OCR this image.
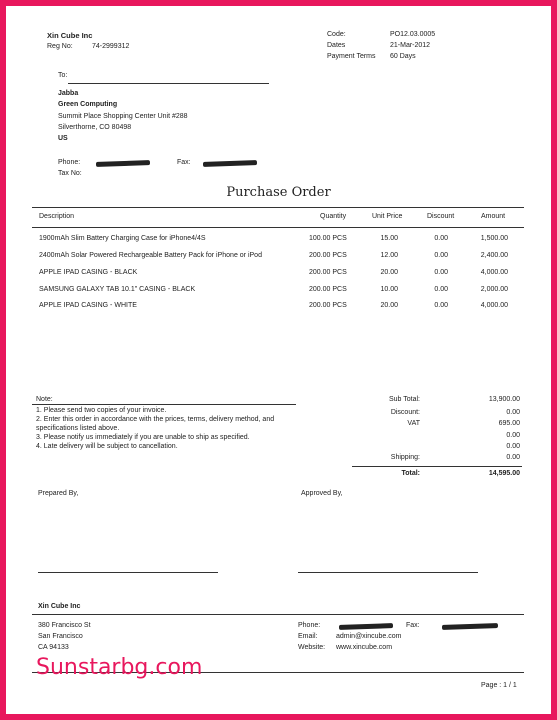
Xin Cube Inc
Reg No:	74-2999312
Code:	PO12.03.0005
Dates	21-Mar-2012
Payment Terms 60 Days
To:
Jabba
Green Computing
Summit Place Shopping Center Unit #288
Silverthorne, CO 80498
US
Phone:	Fax:
Tax No:
Purchase Order
Description	Quantity	Unit Price	Discount	Amount
1900mAh Slim Battery Charging Case for iPhone4/4S	100.00 PCS	15.00	0.00	1,500.00
2400mAh Solar Powered Rechargeable Battery Pack for iPhone or iPod	200.00 PCS	12.00	0.00	2,400.00
APPLE IPAD CASING - BLACK	200.00 PCS	20.00	0.00	4,000.00
SAMSUNG GALAXY TAB 10.1" CASING - BLACK	200.00 PCS	10.00	0.00	2,000.00
APPLE IPAD CASING - WHITE	200.00 PCS	20.00	0.00	4,000.00
Note:
1. Please send two copies of your invoice.
2. Enter this order in accordance with the prices, terms, delivery method, and
specifications listed above.
3. Please notify us immediately if you are unable to ship as specified.
4. Late delivery will be subject to cancellation.
Sub Total:	13,900.00
Discount:	0.00
VAT	695.00
0.00
0.00
Shipping:	0.00
Total:	14,595.00
Prepared By,	Approved By,
Xin Cube Inc
380 Francisco St
San Francisco
CA 94133
Phone:	Fax:
Email:	admin@xincube.com
Website: www.xincube.com
Page : 1 / 1
Sunstarbg.com
